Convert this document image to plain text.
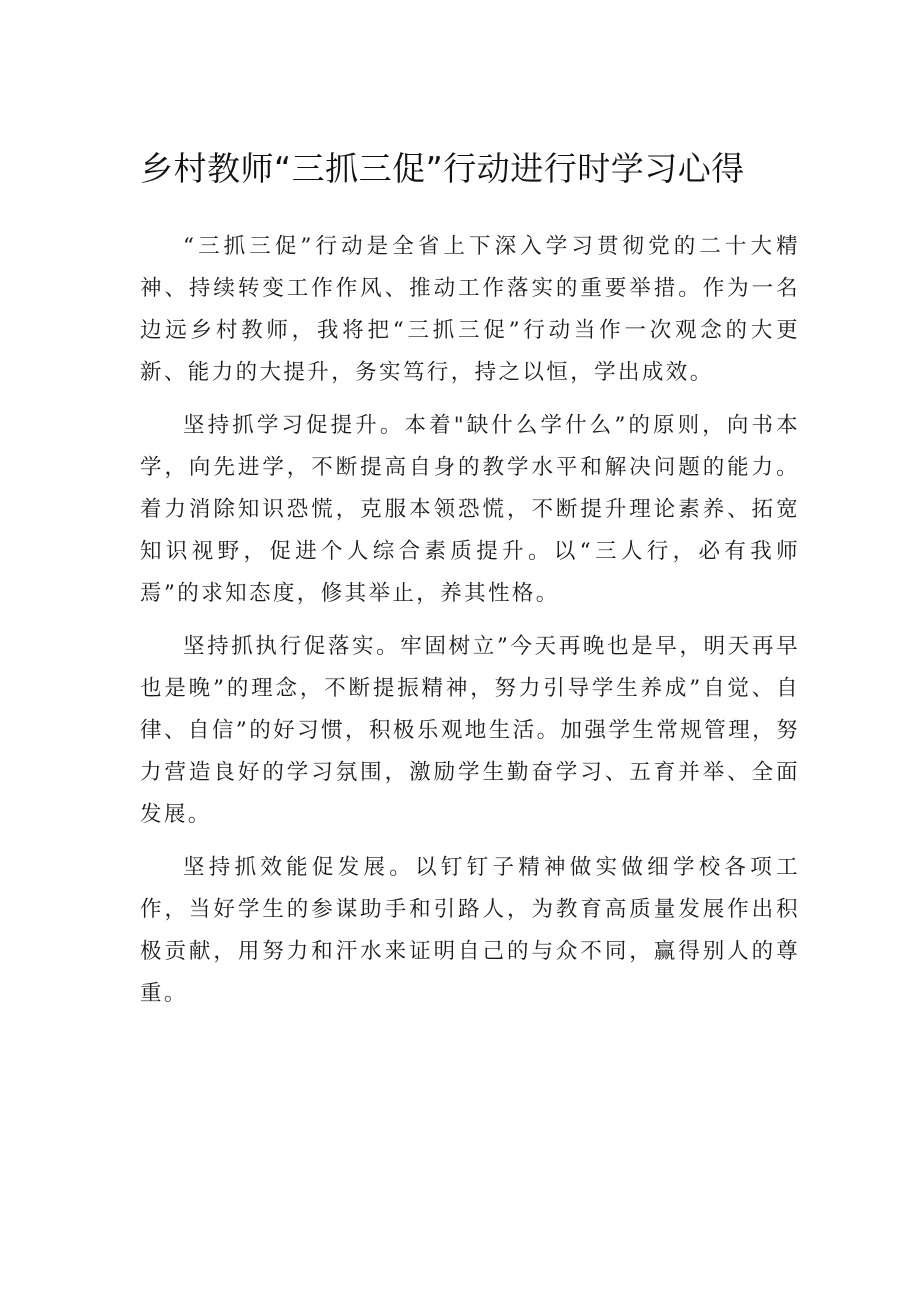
乡村教师“三抓三促”行动进行时学习心得

“三抓三促”行动是全省上下深入学习贯彻党的二十大精神、持续转变工作作风、推动工作落实的重要举措。作为一名边远乡村教师，我将把“三抓三促”行动当作一次观念的大更新、能力的大提升，务实笃行，持之以恒，学出成效。

坚持抓学习促提升。本着"缺什么学什么”的原则，向书本学，向先进学，不断提高自身的教学水平和解决问题的能力。着力消除知识恐慌，克服本领恐慌，不断提升理论素养、拓宽知识视野，促进个人综合素质提升。以“三人行，必有我师焉”的求知态度，修其举止，养其性格。

坚持抓执行促落实。牢固树立”今天再晚也是早，明天再早也是晚”的理念，不断提振精神，努力引导学生养成”自觉、自律、自信”的好习惯，积极乐观地生活。加强学生常规管理，努力营造良好的学习氛围，激励学生勤奋学习、五育并举、全面发展。

坚持抓效能促发展。以钉钉子精神做实做细学校各项工作，当好学生的参谋助手和引路人，为教育高质量发展作出积极贡献，用努力和汗水来证明自己的与众不同，赢得别人的尊重。
